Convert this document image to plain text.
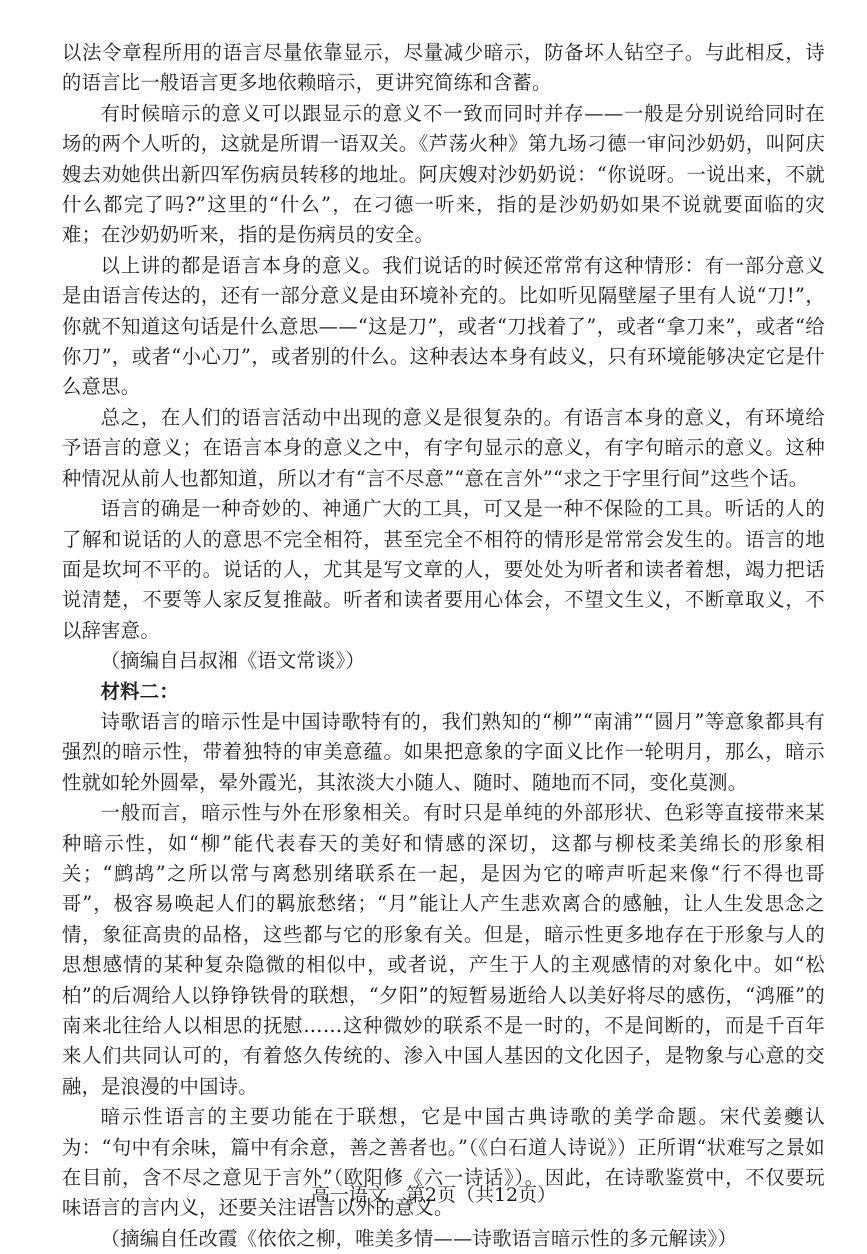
以法令章程所用的语言尽量依靠显示，尽量减少暗示，防备坏人钻空子。与此相反，诗的语言比一般语言更多地依赖暗示，更讲究简练和含蓄。

有时候暗示的意义可以跟显示的意义不一致而同时并存——一般是分别说给同时在场的两个人听的，这就是所谓一语双关。《芦荡火种》第九场刁德一审问沙奶奶，叫阿庆嫂去劝她供出新四军伤病员转移的地址。阿庆嫂对沙奶奶说：“你说呀。一说出来，不就什么都完了吗?”这里的“什么”，在刁德一听来，指的是沙奶奶如果不说就要面临的灾难；在沙奶奶听来，指的是伤病员的安全。

以上讲的都是语言本身的意义。我们说话的时候还常常有这种情形：有一部分意义是由语言传达的，还有一部分意义是由环境补充的。比如听见隔壁屋子里有人说“刀!”，你就不知道这句话是什么意思——“这是刀”，或者“刀找着了”，或者“拿刀来”，或者“给你刀”，或者“小心刀”，或者别的什么。这种表达本身有歧义，只有环境能够决定它是什么意思。

总之，在人们的语言活动中出现的意义是很复杂的。有语言本身的意义，有环境给予语言的意义；在语言本身的意义之中，有字句显示的意义，有字句暗示的意义。这种种情况从前人也都知道，所以才有“言不尽意”“意在言外”“求之于字里行间”这些个话。

语言的确是一种奇妙的、神通广大的工具，可又是一种不保险的工具。听话的人的了解和说话的人的意思不完全相符，甚至完全不相符的情形是常常会发生的。语言的地面是坎坷不平的。说话的人，尤其是写文章的人，要处处为听者和读者着想，竭力把话说清楚，不要等人家反复推敲。听者和读者要用心体会，不望文生义，不断章取义，不以辞害意。

（摘编自吕叔湘《语文常谈》）

材料二：

诗歌语言的暗示性是中国诗歌特有的，我们熟知的“柳”“南浦”“圆月”等意象都具有强烈的暗示性，带着独特的审美意蕴。如果把意象的字面义比作一轮明月，那么，暗示性就如轮外圆晕，晕外霞光，其浓淡大小随人、随时、随地而不同，变化莫测。

一般而言，暗示性与外在形象相关。有时只是单纯的外部形状、色彩等直接带来某种暗示性，如“柳”能代表春天的美好和情感的深切，这都与柳枝柔美绵长的形象相关；“鹧鸪”之所以常与离愁别绪联系在一起，是因为它的啼声听起来像“行不得也哥哥”，极容易唤起人们的羁旅愁绪；“月”能让人产生悲欢离合的感触，让人生发思念之情，象征高贵的品格，这些都与它的形象有关。但是，暗示性更多地存在于形象与人的思想感情的某种复杂隐微的相似中，或者说，产生于人的主观感情的对象化中。如“松柏”的后凋给人以铮铮铁骨的联想，“夕阳”的短暂易逝给人以美好将尽的感伤，“鸿雁”的南来北往给人以相思的抚慰……这种微妙的联系不是一时的，不是间断的，而是千百年来人们共同认可的，有着悠久传统的、渗入中国人基因的文化因子，是物象与心意的交融，是浪漫的中国诗。

暗示性语言的主要功能在于联想，它是中国古典诗歌的美学命题。宋代姜夔认为：“句中有余味，篇中有余意，善之善者也。”（《白石道人诗说》）正所谓“状难写之景如在目前，含不尽之意见于言外”（欧阳修《六一诗话》）。因此，在诗歌鉴赏中，不仅要玩味语言的言内义，还要关注语言以外的意义。

（摘编自任改霞《依依之柳，唯美多情——诗歌语言暗示性的多元解读》）

高一语文　第2页（共12页）
